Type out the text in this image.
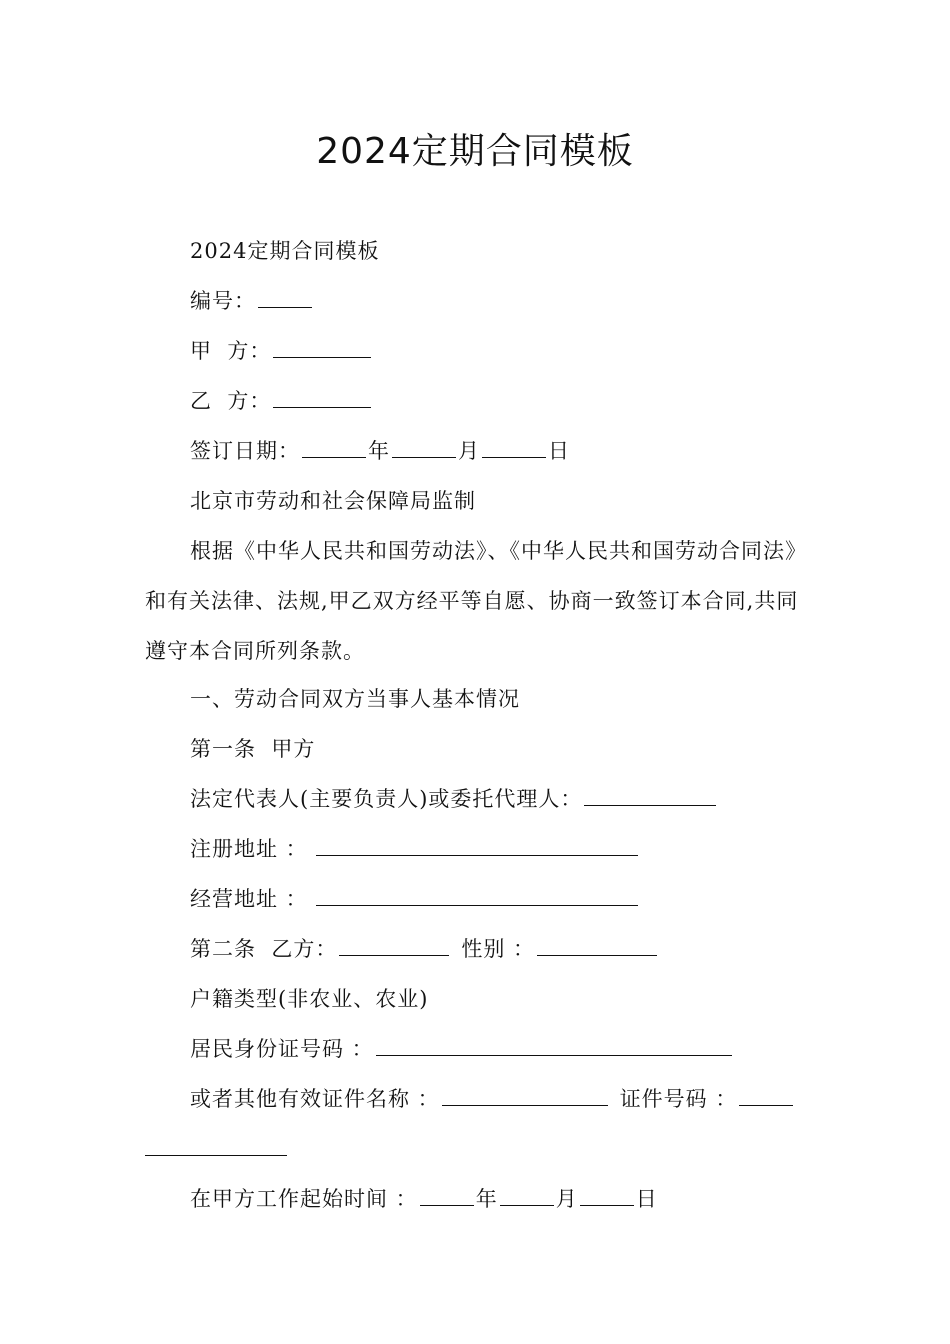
2024定期合同模板
2024定期合同模板
编号：
甲  方：
乙  方：
签订日期：	年	月	日
北京市劳动和社会保障局监制
根据《中华人民共和国劳动法》、《中华人民共和国劳动合同法》和有关法律、法规,甲乙双方经平等自愿、协商一致签订本合同,共同遵守本合同所列条款。
一、劳动合同双方当事人基本情况
第一条  甲方
法定代表人(主要负责人)或委托代理人：
注册地址 ：
经营地址 ：
第二条  乙方：	性别 ：
户籍类型(非农业、农业)
居民身份证号码 ：
或者其他有效证件名称 ：	证件号码 ：
在甲方工作起始时间 ：	年	月	日
